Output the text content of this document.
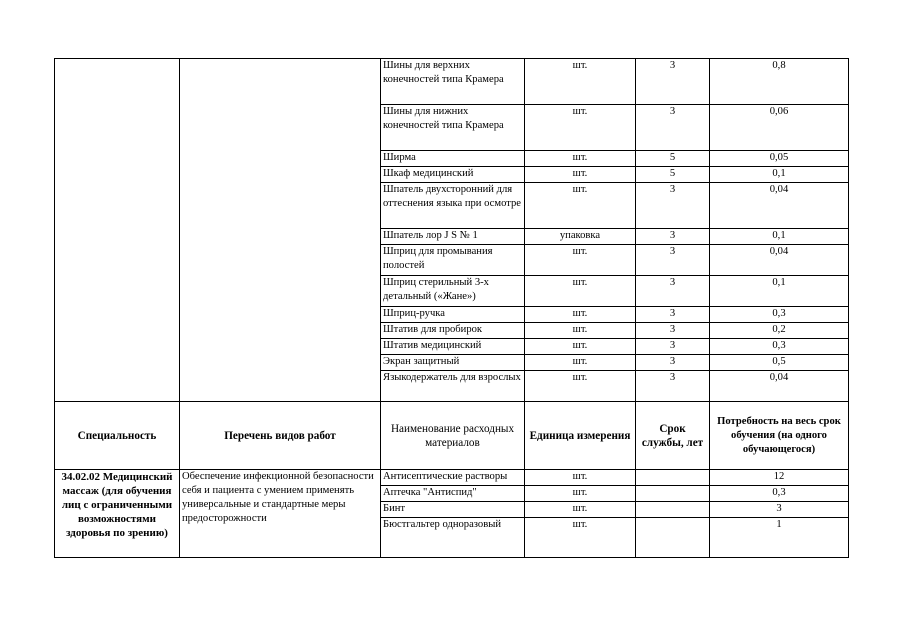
		Шины для верхних конечностей типа Крамера	шт.	3	0,8
		Шины для нижних конечностей типа Крамера	шт.	3	0,06
		Ширма	шт.	5	0,05
		Шкаф медицинский	шт.	5	0,1
		Шпатель двухсторонний для оттеснения языка при осмотре	шт.	3	0,04
		Шпатель лор J S № 1	упаковка	3	0,1
		Шприц для промывания полостей	шт.	3	0,04
		Шприц стерильный 3-х детальный («Жане»)	шт.	3	0,1
		Шприц-ручка	шт.	3	0,3
		Штатив для пробирок	шт.	3	0,2
		Штатив медицинский	шт.	3	0,3
		Экран защитный	шт.	3	0,5
		Языкодержатель для взрослых	шт.	3	0,04
Специальность	Перечень видов работ	Наименование расходных материалов	Единица измерения	Срок службы, лет	Потребность на весь срок обучения (на одного обучающегося)
34.02.02 Медицинский массаж (для обучения лиц с ограниченными возможностями здоровья по зрению)	Обеспечение инфекционной безопасности себя и пациента с умением применять универсальные и стандартные меры предосторожности	Антисептические растворы	шт.		12
		Аптечка "Антиспид"	шт.		0,3
		Бинт	шт.		3
		Бюстгальтер одноразовый	шт.		1
